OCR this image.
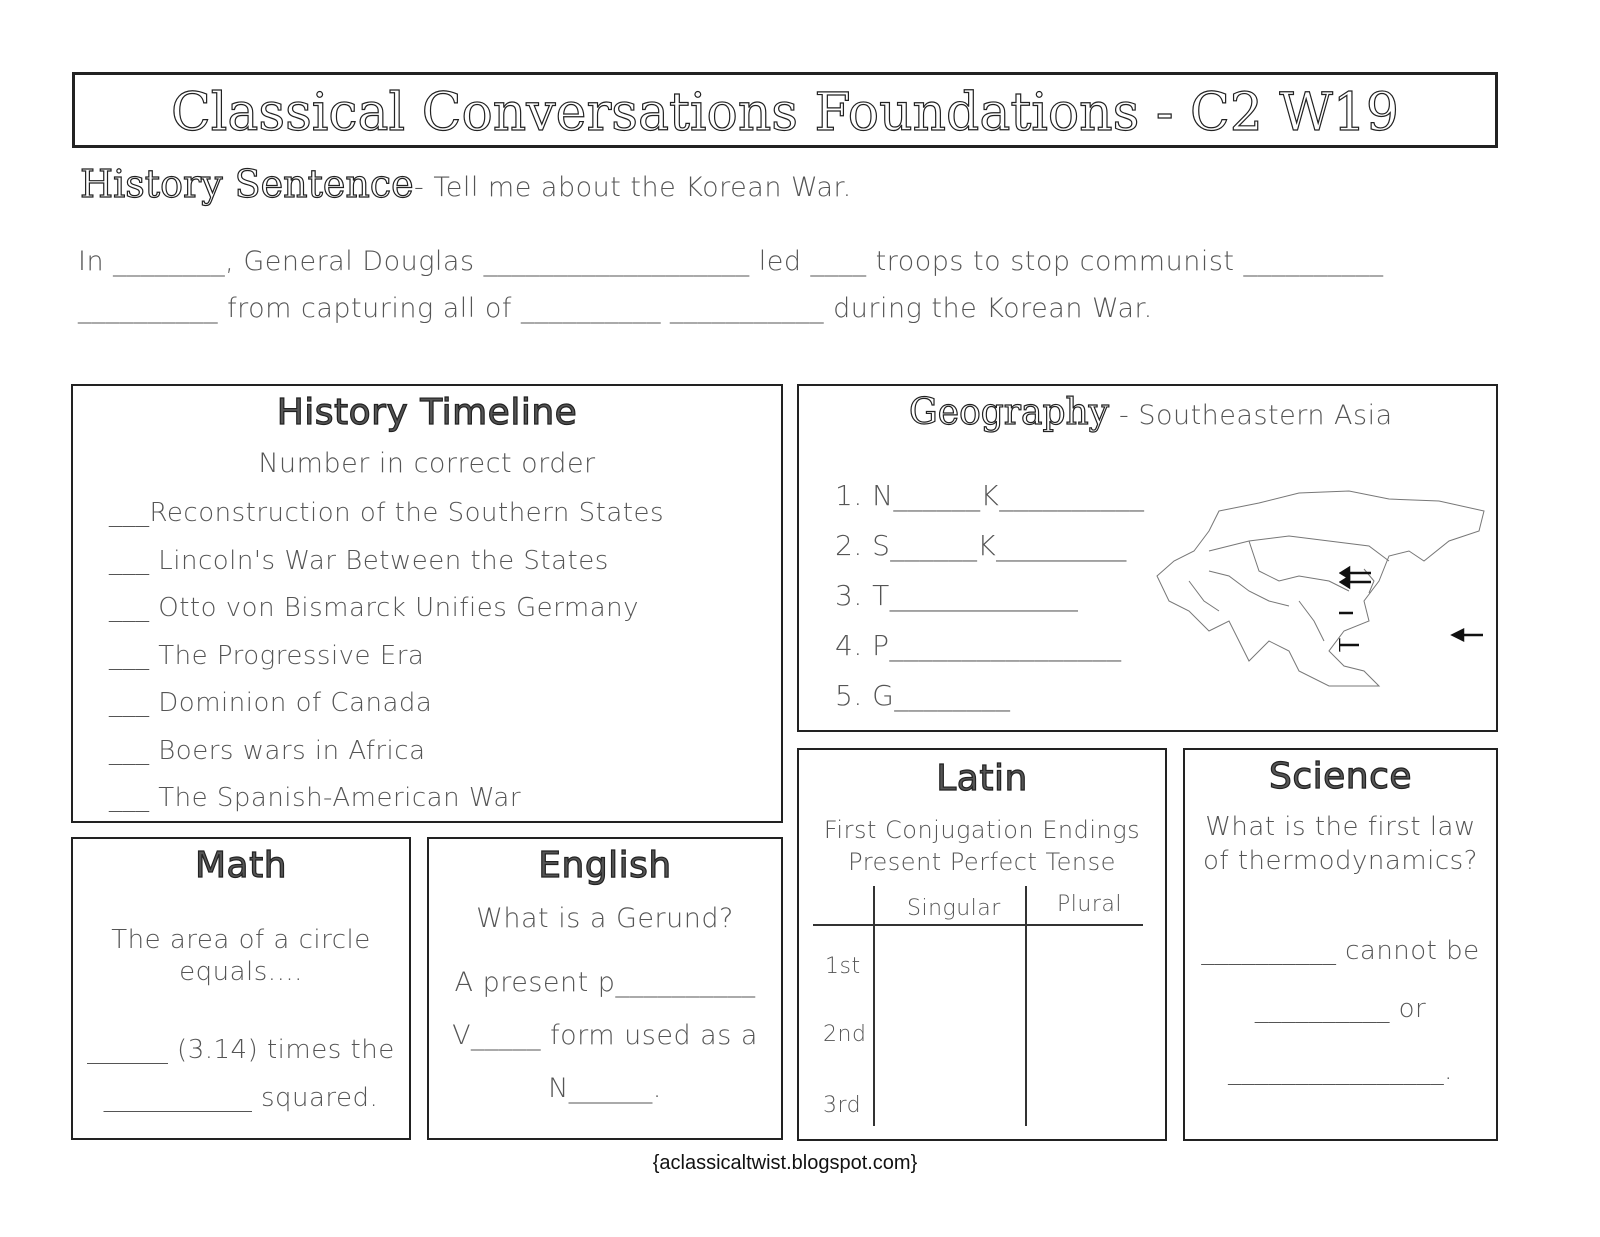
Classical Conversations Foundations - C2 W19
History Sentence - Tell me about the Korean War.
In ________, General Douglas ___________________ led ____ troops to stop communist __________
__________ from capturing all of __________ ___________ during the Korean War.
History Timeline
Number in correct order
___Reconstruction of the Southern States
___ Lincoln's War Between the States
___ Otto von Bismarck Unifies Germany
___ The Progressive Era
___ Dominion of Canada
___ Boers wars in Africa
___ The Spanish-American War
Geography - Southeastern Asia
1. N______K__________
2. S______K_________
3. T_____________
4. P________________
5. G________
Math
The area of a circle
equals....
______ (3.14) times the
___________ squared.
English
What is a Gerund?
A present p__________
V_____ form used as a
N______.
Latin
First Conjugation Endings
Present Perfect Tense
Singular	Plural
1st
2nd
3rd
Science
What is the first law
of thermodynamics?
__________ cannot be
__________ or
________________.
{aclassicaltwist.blogspot.com}
